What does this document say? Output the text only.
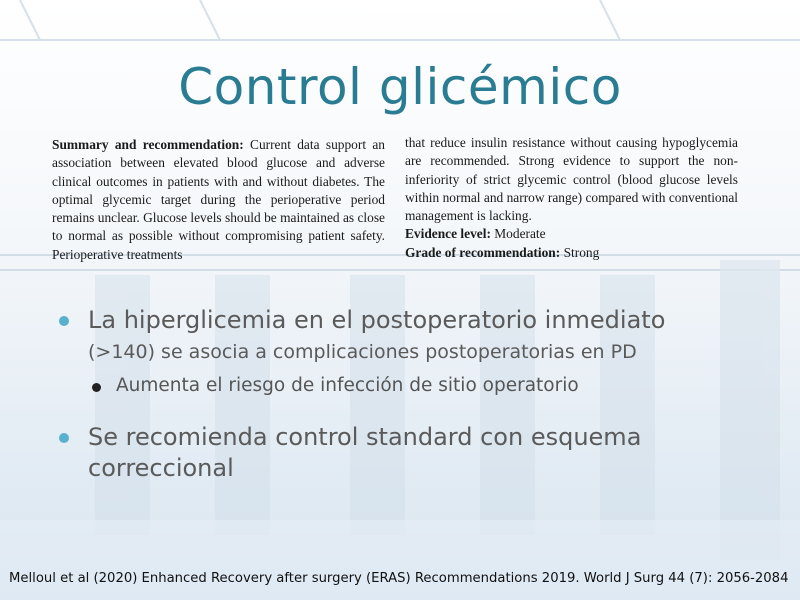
Control glicémico
Summary and recommendation: Current data support an association between elevated blood glucose and adverse clinical outcomes in patients with and without diabetes. The optimal glycemic target during the perioperative period remains unclear. Glucose levels should be maintained as close to normal as possible without compromising patient safety. Perioperative treatments
that reduce insulin resistance without causing hypoglycemia are recommended. Strong evidence to support the non-inferiority of strict glycemic control (blood glucose levels within normal and narrow range) compared with conventional management is lacking.
Evidence level: Moderate
Grade of recommendation: Strong
La hiperglicemia en el postoperatorio inmediato
(>140) se asocia a complicaciones postoperatorias en PD
Aumenta el riesgo de infección de sitio operatorio
Se recomienda control standard con esquema correccional
Melloul et al (2020) Enhanced Recovery after surgery (ERAS) Recommendations 2019. World J Surg 44 (7): 2056-2084
